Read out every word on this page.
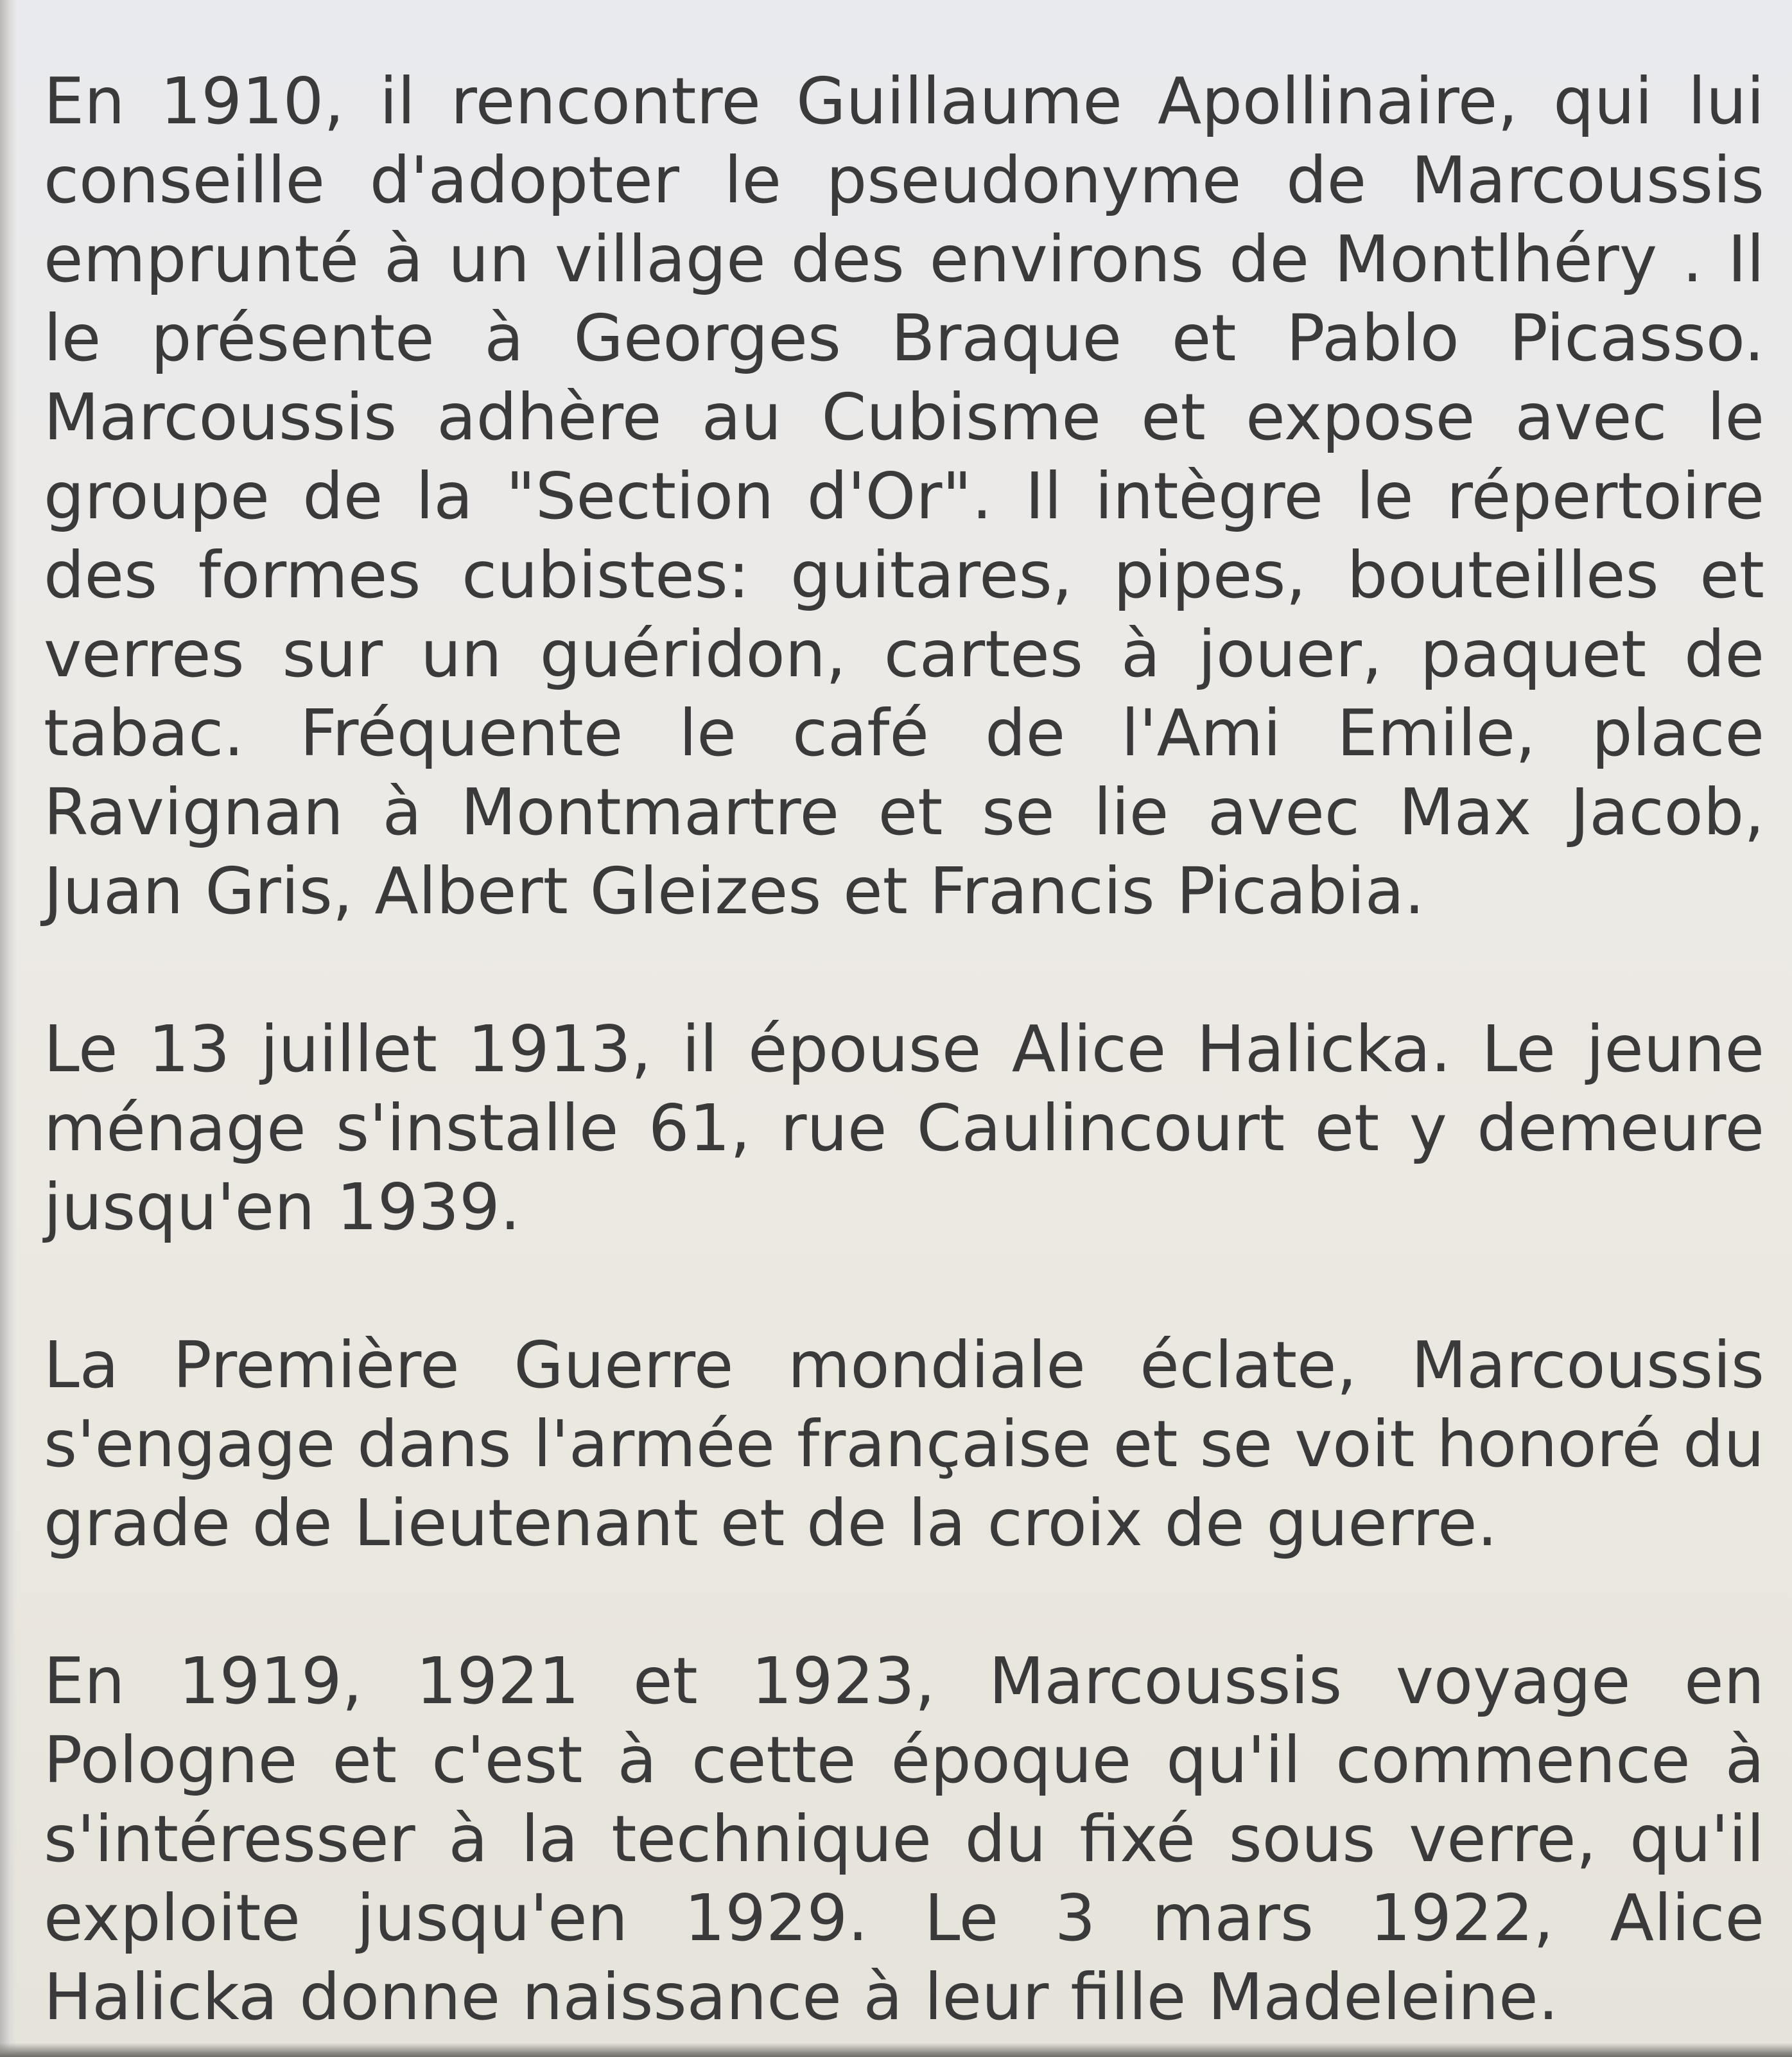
En 1910, il rencontre Guillaume Apollinaire, qui lui conseille d'adopter le pseudonyme de Marcoussis emprunté à un village des environs de Montlhéry . Il le présente à Georges Braque et Pablo Picasso. Marcoussis adhère au Cubisme et expose avec le groupe de la "Section d'Or". Il intègre le répertoire des formes cubistes: guitares, pipes, bouteilles et verres sur un guéridon, cartes à jouer, paquet de tabac. Fréquente le café de l'Ami Emile, place Ravignan à Montmartre et se lie avec Max Jacob, Juan Gris, Albert Gleizes et Francis Picabia.

Le 13 juillet 1913, il épouse Alice Halicka. Le jeune ménage s'installe 61, rue Caulincourt et y demeure jusqu'en 1939.

La Première Guerre mondiale éclate, Marcoussis s'engage dans l'armée française et se voit honoré du grade de Lieutenant et de la croix de guerre.

En 1919, 1921 et 1923, Marcoussis voyage en Pologne et c'est à cette époque qu'il commence à s'intéresser à la technique du fixé sous verre, qu'il exploite jusqu'en 1929. Le 3 mars 1922, Alice Halicka donne naissance à leur fille Madeleine.
